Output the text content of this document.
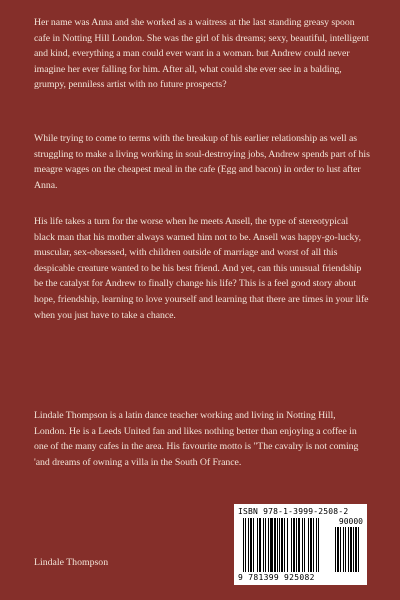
Her name was Anna and she worked as a waitress at the last standing greasy spoon cafe in Notting Hill London. She was the girl of his dreams; sexy, beautiful, intelligent and kind, everything a man could ever want in a woman. but Andrew could never imagine her ever falling for him. After all, what could she ever see in a balding, grumpy, penniless artist with no future prospects?

While trying to come to terms with the breakup of his earlier relationship as well as struggling to make a living working in soul-destroying jobs, Andrew spends part of his meagre wages on the cheapest meal in the cafe (Egg and bacon) in order to lust after Anna.

His life takes a turn for the worse when he meets Ansell, the type of stereotypical black man that his mother always warned him not to be. Ansell was happy-go-lucky, muscular, sex-obsessed, with children outside of marriage and worst of all this despicable creature wanted to be his best friend. And yet, can this unusual friendship be the catalyst for Andrew to finally change his life? This is a feel good story about hope, friendship, learning to love yourself and learning that there are times in your life when you just have to take a chance.

Lindale Thompson is a latin dance teacher working and living in Notting Hill, London. He is a Leeds United fan and likes nothing better than enjoying a coffee in one of the many cafes in the area. His favourite motto is "The cavalry is not coming 'and dreams of owning a villa in the South Of France.

Lindale Thompson
ISBN 978-1-3999-2508-2
90000
9 781399 925082
